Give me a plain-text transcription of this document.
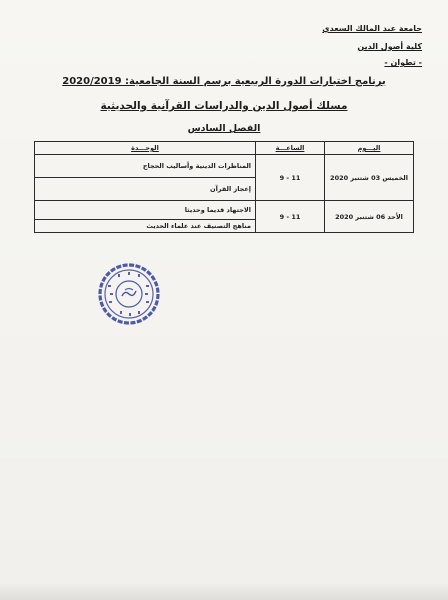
جامعة عبد المالك السعدي
كلية أصول الدين
- تطوان -
برنامج اختبارات الدورة الربيعية برسم السنة الجامعية: 2020/2019
مسلك أصول الدين والدراسات القرآنية والحديثية
الفصل السادس
اليـــوم	الساعـــة	الوحـــدة
الخميس 03 شتنبر 2020	11 - 9	المناظرات الدينية وأساليب الحجاج
		إعجاز القرآن
الأحد 06 شتنبر 2020	11 - 9	الاجتهاد قديما وحديثا
		مناهج التصنيف عند علماء الحديث
